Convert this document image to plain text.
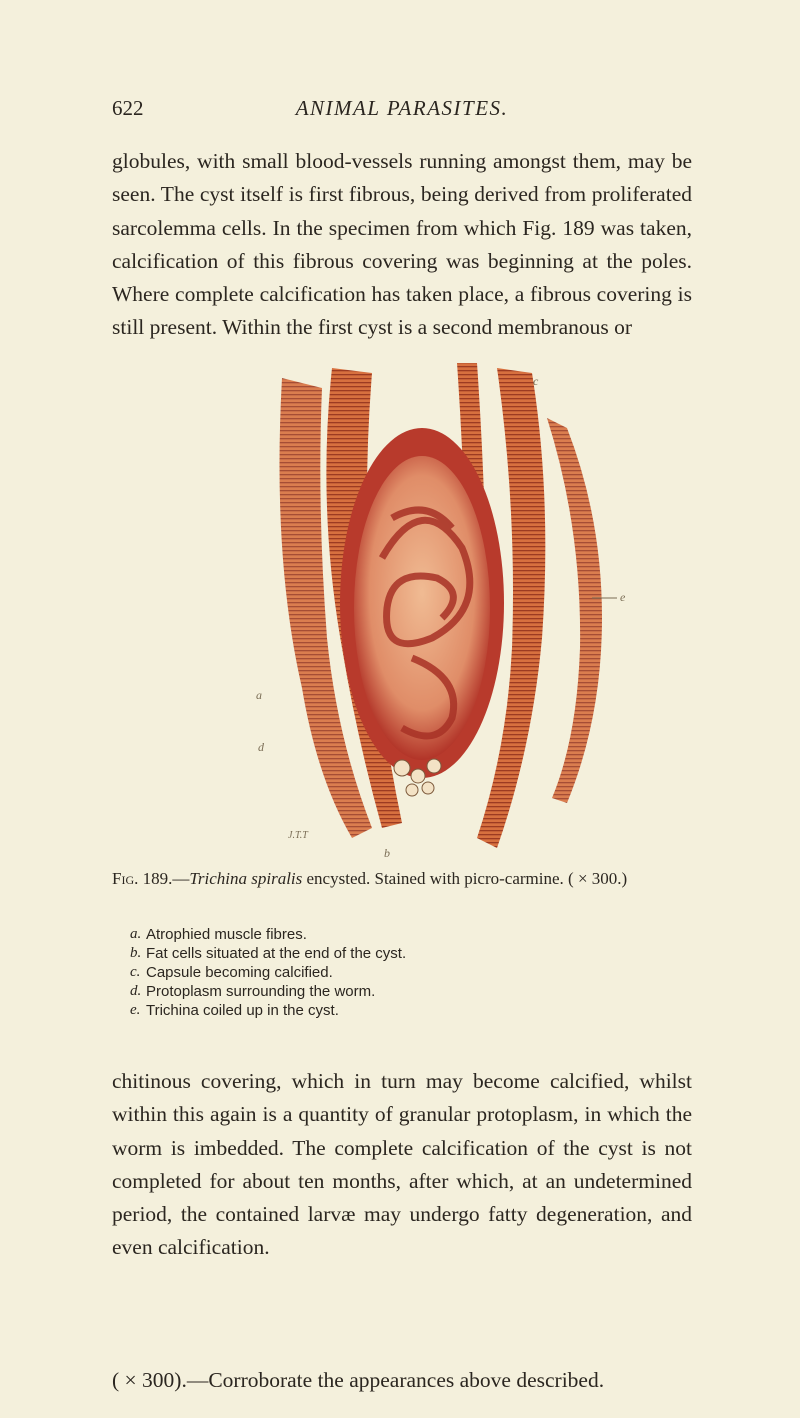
622	ANIMAL PARASITES.

globules, with small blood-vessels running amongst them, may be seen. The cyst itself is first fibrous, being derived from proliferated sarcolemma cells. In the specimen from which Fig. 189 was taken, calcification of this fibrous covering was beginning at the poles. Where complete calcification has taken place, a fibrous covering is still present. Within the first cyst is a second membranous or

c
e
a
d
J.T.T
b
Fig. 189.—Trichina spiralis encysted. Stained with picro-carmine. ( × 300.)
a. Atrophied muscle fibres.
b. Fat cells situated at the end of the cyst.
c. Capsule becoming calcified.
d. Protoplasm surrounding the worm.
e. Trichina coiled up in the cyst.

chitinous covering, which in turn may become calcified, whilst within this again is a quantity of granular protoplasm, in which the worm is imbedded. The complete calcification of the cyst is not completed for about ten months, after which, at an undetermined period, the contained larvæ may undergo fatty degeneration, and even calcification.

( × 300).—Corroborate the appearances above described.
